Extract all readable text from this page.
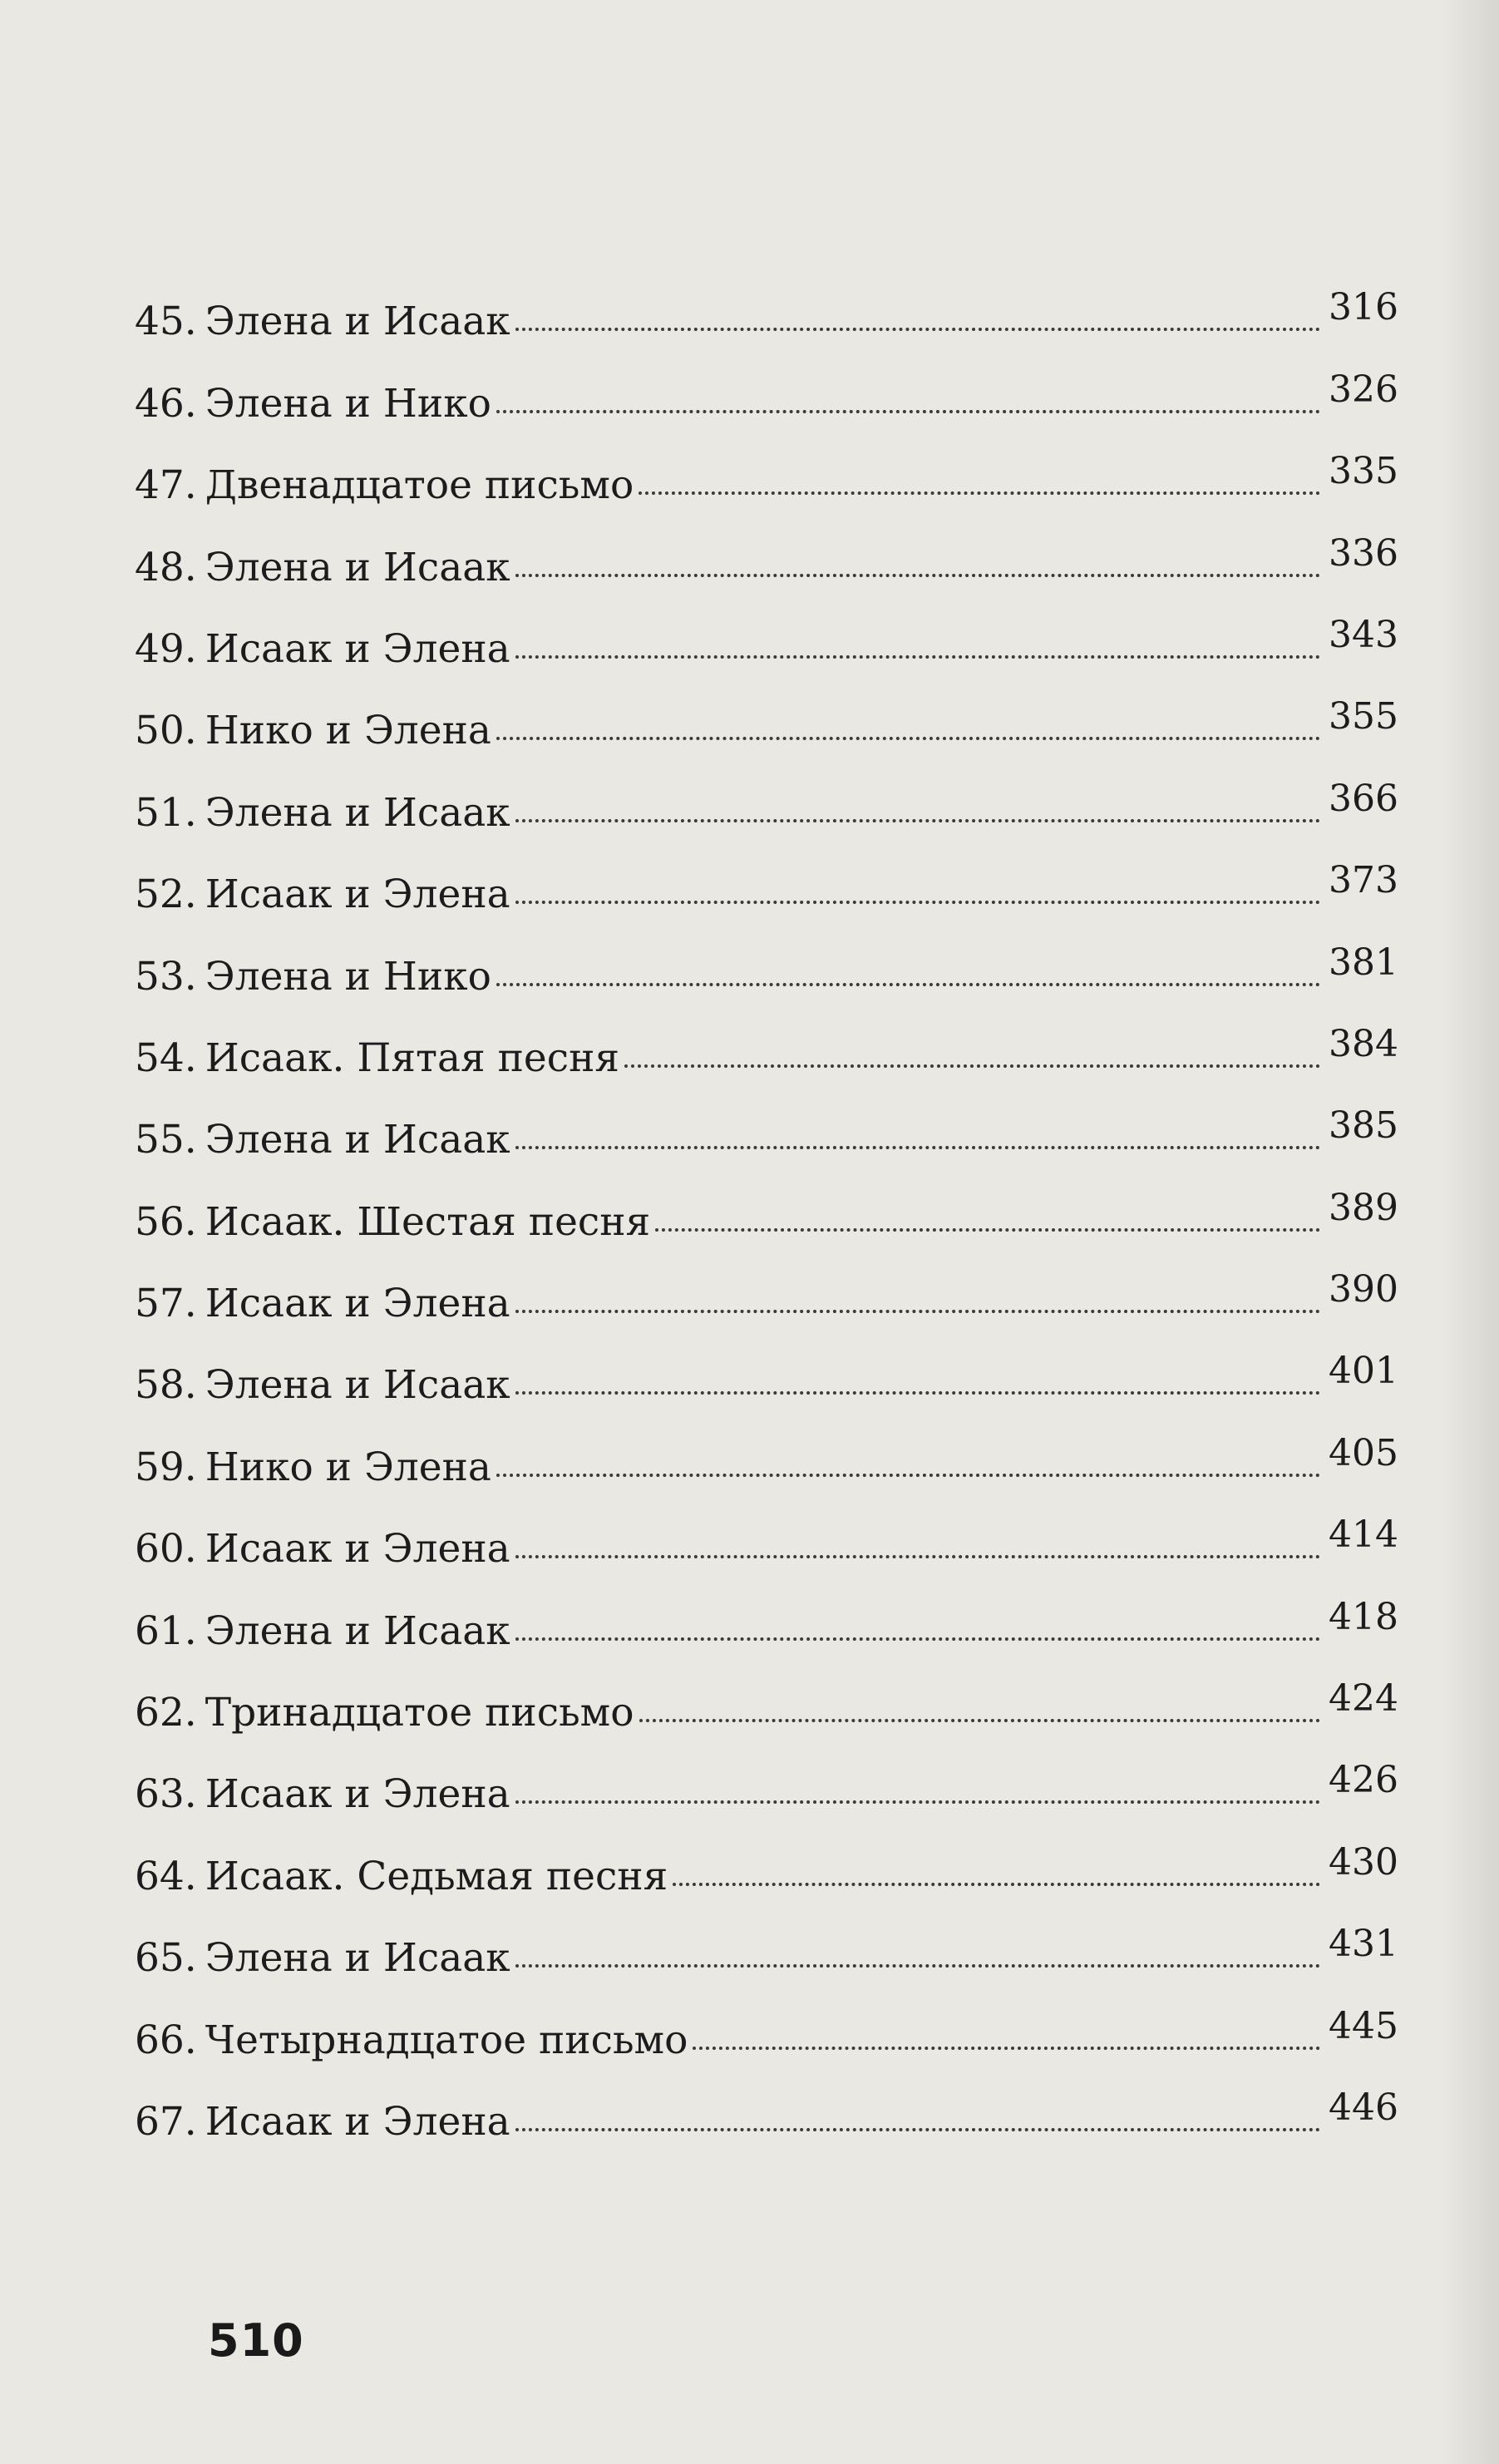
45. Элена и Исаак	316
46. Элена и Нико	326
47. Двенадцатое письмо	335
48. Элена и Исаак	336
49. Исаак и Элена	343
50. Нико и Элена	355
51. Элена и Исаак	366
52. Исаак и Элена	373
53. Элена и Нико	381
54. Исаак. Пятая песня	384
55. Элена и Исаак	385
56. Исаак. Шестая песня	389
57. Исаак и Элена	390
58. Элена и Исаак	401
59. Нико и Элена	405
60. Исаак и Элена	414
61. Элена и Исаак	418
62. Тринадцатое письмо	424
63. Исаак и Элена	426
64. Исаак. Седьмая песня	430
65. Элена и Исаак	431
66. Четырнадцатое письмо	445
67. Исаак и Элена	446
510
